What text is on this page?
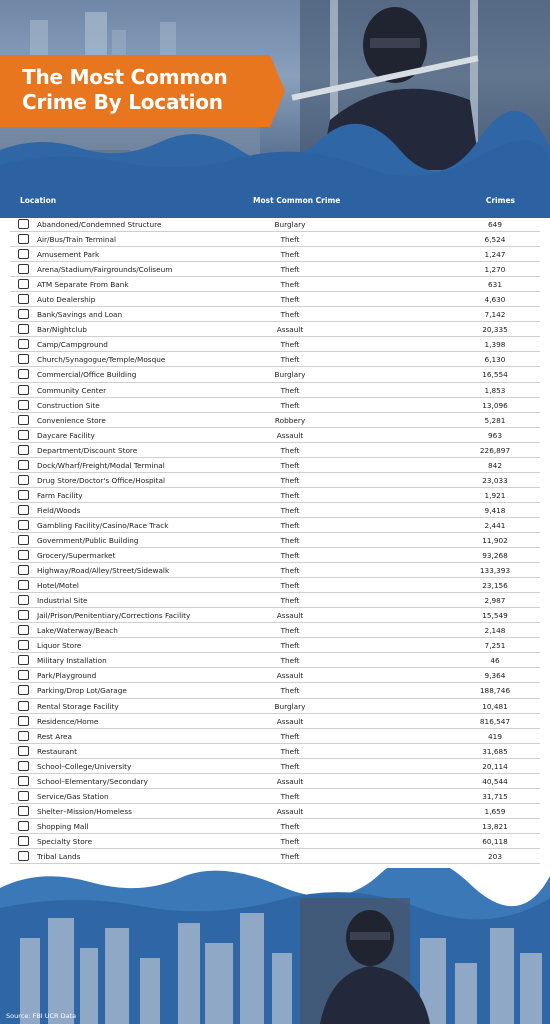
The Most Common
Crime By Location
Location	Most Common Crime	Crimes
Abandoned/Condemned Structure	Burglary	649
Air/Bus/Train Terminal	Theft	6,524
Amusement Park	Theft	1,247
Arena/Stadium/Fairgrounds/Coliseum	Theft	1,270
ATM Separate From Bank	Theft	631
Auto Dealership	Theft	4,630
Bank/Savings and Loan	Theft	7,142
Bar/Nightclub	Assault	20,335
Camp/Campground	Theft	1,398
Church/Synagogue/Temple/Mosque	Theft	6,130
Commercial/Office Building	Burglary	16,554
Community Center	Theft	1,853
Construction Site	Theft	13,096
Convenience Store	Robbery	5,281
Daycare Facility	Assault	963
Department/Discount Store	Theft	226,897
Dock/Wharf/Freight/Modal Terminal	Theft	842
Drug Store/Doctor's Office/Hospital	Theft	23,033
Farm Facility	Theft	1,921
Field/Woods	Theft	9,418
Gambling Facility/Casino/Race Track	Theft	2,441
Government/Public Building	Theft	11,902
Grocery/Supermarket	Theft	93,268
Highway/Road/Alley/Street/Sidewalk	Theft	133,393
Hotel/Motel	Theft	23,156
Industrial Site	Theft	2,987
Jail/Prison/Penitentiary/Corrections Facility	Assault	15,549
Lake/Waterway/Beach	Theft	2,148
Liquor Store	Theft	7,251
Military Installation	Theft	46
Park/Playground	Assault	9,364
Parking/Drop Lot/Garage	Theft	188,746
Rental Storage Facility	Burglary	10,481
Residence/Home	Assault	816,547
Rest Area	Theft	419
Restaurant	Theft	31,685
School–College/University	Theft	20,114
School–Elementary/Secondary	Assault	40,544
Service/Gas Station	Theft	31,715
Shelter–Mission/Homeless	Assault	1,659
Shopping Mall	Theft	13,821
Specialty Store	Theft	60,118
Tribal Lands	Theft	203
Source: FBI UCR Data
